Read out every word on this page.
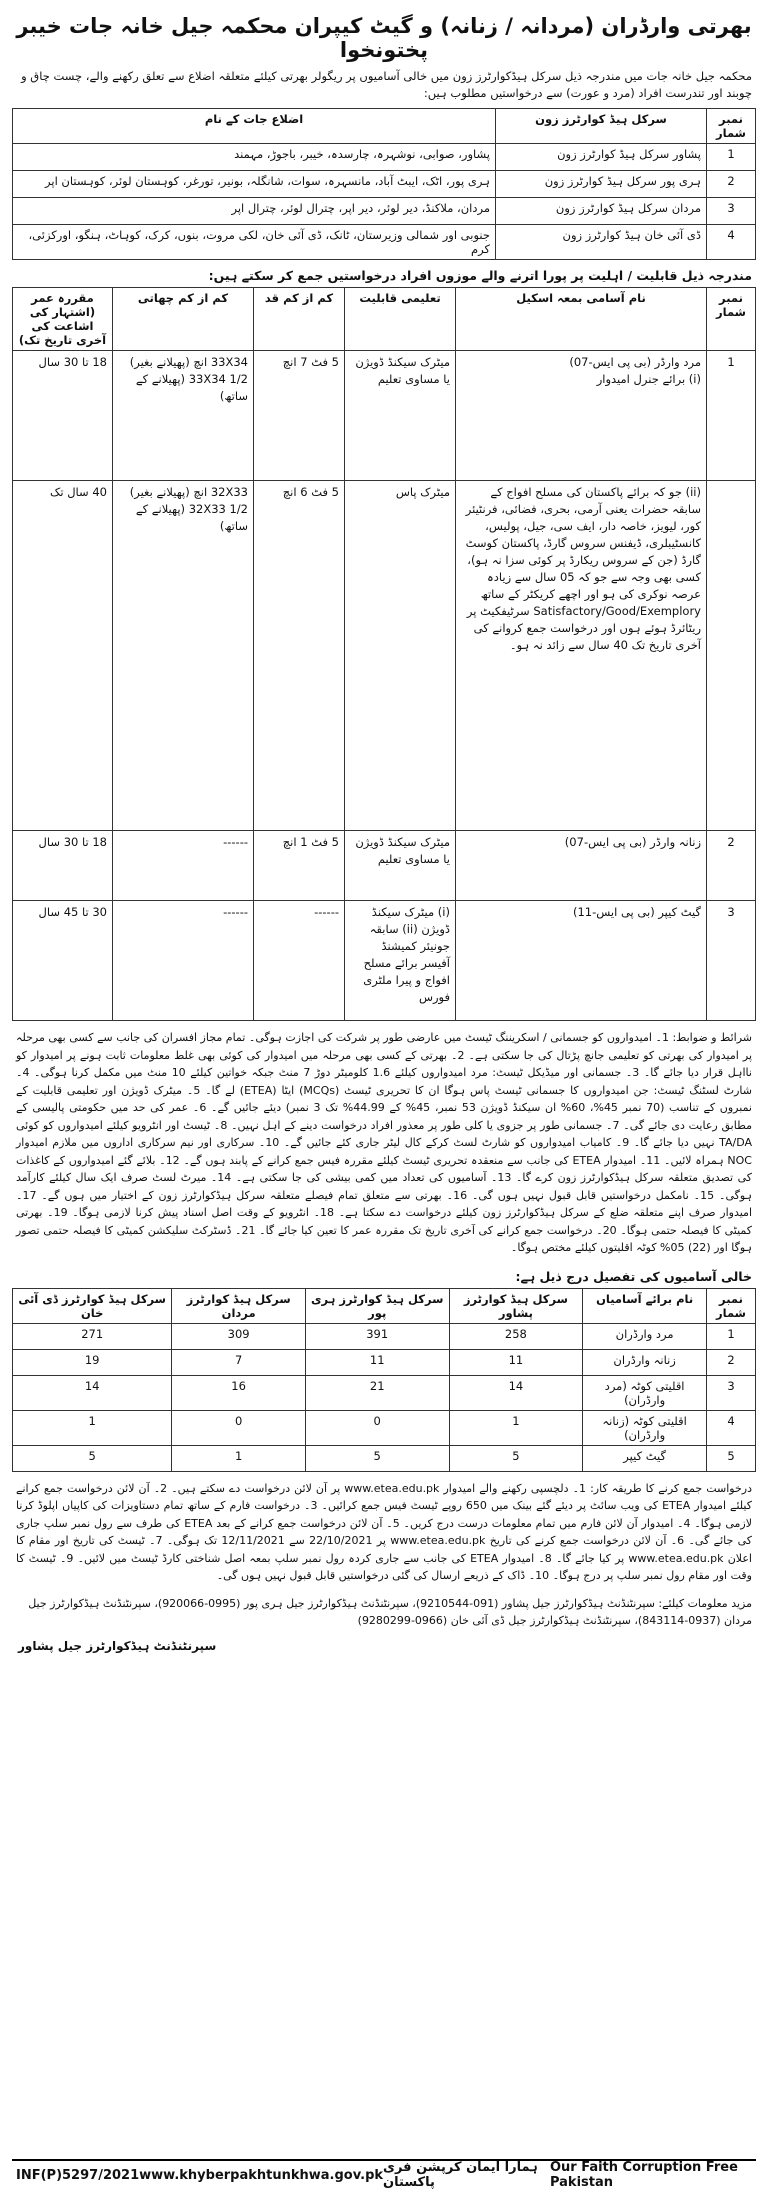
بھرتی وارڈران (مردانہ / زنانہ) و گیٹ کیپران محکمہ جیل خانہ جات خیبر پختونخوا
محکمہ جیل خانہ جات میں مندرجہ ذیل سرکل ہیڈکوارٹرز زون میں خالی آسامیوں پر ریگولر بھرتی کیلئے متعلقہ اضلاع سے تعلق رکھنے والے، چست چاق و چوبند اور تندرست افراد (مرد و عورت) سے درخواستیں مطلوب ہیں:
نمبر شمار	سرکل ہیڈ کوارٹرز زون	اضلاع جات کے نام
1	پشاور سرکل ہیڈ کوارٹرز زون	پشاور، صوابی، نوشہرہ، چارسدہ، خیبر، باجوڑ، مہمند
2	ہری پور سرکل ہیڈ کوارٹرز زون	ہری پور، اٹک، ایبٹ آباد، مانسہرہ، سوات، شانگلہ، بونیر، تورغر، کوہستان لوئر، کوہستان اپر
3	مردان سرکل ہیڈ کوارٹرز زون	مردان، ملاکنڈ، دیر لوئر، دیر اپر، چترال لوئر، چترال اپر
4	ڈی آئی خان ہیڈ کوارٹرز زون	جنوبی اور شمالی وزیرستان، ٹانک، ڈی آئی خان، لکی مروت، بنوں، کرک، کوہاٹ، ہنگو، اورکزئی، کرم
مندرجہ ذیل قابلیت / اہلیت پر پورا اترنے والے موزوں افراد درخواستیں جمع کر سکتے ہیں:
نمبر شمار	نام آسامی بمعہ اسکیل	تعلیمی قابلیت	کم از کم قد	کم از کم چھاتی	مقررہ عمر (اشتہار کی اشاعت کی آخری تاریخ تک)
1	مرد وارڈر (بی پی ایس-07)
(i) برائے جنرل امیدوار	میٹرک سیکنڈ ڈویژن یا مساوی تعلیم	5 فٹ 7 انچ	33X34 انچ (پھیلانے بغیر) 33X34 1/2 (پھیلانے کے ساتھ)	18 تا 30 سال
	(ii) جو کہ برائے پاکستان کی مسلح افواج کے سابقہ حضرات یعنی آرمی، بحری، فضائی، فرنٹیئر کور، لیویز، خاصہ دار، ایف سی، جیل، پولیس، کانسٹیبلری، ڈیفنس سروس گارڈ، پاکستان کوسٹ گارڈ (جن کے سروس ریکارڈ پر کوئی سزا نہ ہو)، کسی بھی وجہ سے جو کہ 05 سال سے زیادہ عرصہ نوکری کی ہو اور اچھے کریکٹر کے ساتھ Satisfactory/Good/Exemplory سرٹیفکیٹ پر ریٹائرڈ ہوئے ہوں اور درخواست جمع کروانے کی آخری تاریخ تک 40 سال سے زائد نہ ہو۔	میٹرک پاس	5 فٹ 6 انچ	32X33 انچ (پھیلانے بغیر) 32X33 1/2 (پھیلانے کے ساتھ)	40 سال تک
2	زنانہ وارڈر (بی پی ایس-07)	میٹرک سیکنڈ ڈویژن یا مساوی تعلیم	5 فٹ 1 انچ	------	18 تا 30 سال
3	گیٹ کیپر (بی پی ایس-11)	(i) میٹرک سیکنڈ ڈویژن (ii) سابقہ جونیئر کمیشنڈ آفیسر برائے مسلح افواج و پیرا ملٹری فورس	------	------	30 تا 45 سال
شرائط و ضوابط: 1۔ امیدواروں کو جسمانی / اسکریننگ ٹیسٹ میں عارضی طور پر شرکت کی اجازت ہوگی۔ تمام مجاز افسران کی جانب سے کسی بھی مرحلہ پر امیدوار کی بھرتی کو تعلیمی جانچ پڑتال کی جا سکتی ہے۔ 2۔ بھرتی کے کسی بھی مرحلہ میں امیدوار کی کوئی بھی غلط معلومات ثابت ہونے پر امیدوار کو نااہل قرار دیا جائے گا۔ 3۔ جسمانی اور میڈیکل ٹیسٹ: مرد امیدواروں کیلئے 1.6 کلومیٹر دوڑ 7 منٹ جبکہ خواتین کیلئے 10 منٹ میں مکمل کرنا ہوگی۔ 4۔ شارٹ لسٹنگ ٹیسٹ: جن امیدواروں کا جسمانی ٹیسٹ پاس ہوگا ان کا تحریری ٹیسٹ (MCQs) ایٹا (ETEA) لے گا۔ 5۔ میٹرک ڈویژن اور تعلیمی قابلیت کے نمبروں کے تناسب (70 نمبر 45%، 60% ان سیکنڈ ڈویژن 53 نمبر، 45% کے 44.99% تک 3 نمبر) دیئے جائیں گے۔ 6۔ عمر کی حد میں حکومتی پالیسی کے مطابق رعایت دی جائے گی۔ 7۔ جسمانی طور پر جزوی یا کلی طور پر معذور افراد درخواست دینے کے اہل نہیں۔ 8۔ ٹیسٹ اور انٹرویو کیلئے امیدواروں کو کوئی TA/DA نہیں دیا جائے گا۔ 9۔ کامیاب امیدواروں کو شارٹ لسٹ کرکے کال لیٹر جاری کئے جائیں گے۔ 10۔ سرکاری اور نیم سرکاری اداروں میں ملازم امیدوار NOC ہمراہ لائیں۔ 11۔ امیدوار ETEA کی جانب سے منعقدہ تحریری ٹیسٹ کیلئے مقررہ فیس جمع کرانے کے پابند ہوں گے۔ 12۔ بلائے گئے امیدواروں کے کاغذات کی تصدیق متعلقہ سرکل ہیڈکوارٹرز زون کرے گا۔ 13۔ آسامیوں کی تعداد میں کمی بیشی کی جا سکتی ہے۔ 14۔ میرٹ لسٹ صرف ایک سال کیلئے کارآمد ہوگی۔ 15۔ نامکمل درخواستیں قابل قبول نہیں ہوں گی۔ 16۔ بھرتی سے متعلق تمام فیصلے متعلقہ سرکل ہیڈکوارٹرز زون کے اختیار میں ہوں گے۔ 17۔ امیدوار صرف اپنے متعلقہ ضلع کے سرکل ہیڈکوارٹرز زون کیلئے درخواست دے سکتا ہے۔ 18۔ انٹرویو کے وقت اصل اسناد پیش کرنا لازمی ہوگا۔ 19۔ بھرتی کمیٹی کا فیصلہ حتمی ہوگا۔ 20۔ درخواست جمع کرانے کی آخری تاریخ تک مقررہ عمر کا تعین کیا جائے گا۔ 21۔ ڈسٹرکٹ سلیکشن کمیٹی کا فیصلہ حتمی تصور ہوگا اور (22) 05% کوٹہ اقلیتوں کیلئے مختص ہوگا۔
خالی آسامیوں کی تفصیل درج ذیل ہے:
نمبر شمار	نام برائے آسامیاں	سرکل ہیڈ کوارٹرز پشاور	سرکل ہیڈ کوارٹرز ہری پور	سرکل ہیڈ کوارٹرز مردان	سرکل ہیڈ کوارٹرز ڈی آئی خان
1	مرد وارڈران	258	391	309	271
2	زنانہ وارڈران	11	11	7	19
3	اقلیتی کوٹہ (مرد وارڈران)	14	21	16	14
4	اقلیتی کوٹہ (زنانہ وارڈران)	1	0	0	1
5	گیٹ کیپر	5	5	1	5
درخواست جمع کرنے کا طریقہ کار: 1۔ دلچسپی رکھنے والے امیدوار www.etea.edu.pk پر آن لائن درخواست دے سکتے ہیں۔ 2۔ آن لائن درخواست جمع کرانے کیلئے امیدوار ETEA کی ویب سائٹ پر دیئے گئے بینک میں 650 روپے ٹیسٹ فیس جمع کرائیں۔ 3۔ درخواست فارم کے ساتھ تمام دستاویزات کی کاپیاں اپلوڈ کرنا لازمی ہوگا۔ 4۔ امیدوار آن لائن فارم میں تمام معلومات درست درج کریں۔ 5۔ آن لائن درخواست جمع کرانے کے بعد ETEA کی طرف سے رول نمبر سلپ جاری کی جائے گی۔ 6۔ آن لائن درخواست جمع کرنے کی تاریخ www.etea.edu.pk پر 22/10/2021 سے 12/11/2021 تک ہوگی۔ 7۔ ٹیسٹ کی تاریخ اور مقام کا اعلان www.etea.edu.pk پر کیا جائے گا۔ 8۔ امیدوار ETEA کی جانب سے جاری کردہ رول نمبر سلپ بمعہ اصل شناختی کارڈ ٹیسٹ میں لائیں۔ 9۔ ٹیسٹ کا وقت اور مقام رول نمبر سلپ پر درج ہوگا۔ 10۔ ڈاک کے ذریعے ارسال کی گئی درخواستیں قابل قبول نہیں ہوں گی۔
مزید معلومات کیلئے: سپرنٹنڈنٹ ہیڈکوارٹرز جیل پشاور (091-9210544)، سپرنٹنڈنٹ ہیڈکوارٹرز جیل ہری پور (0995-920066)، سپرنٹنڈنٹ ہیڈکوارٹرز جیل مردان (0937-843114)، سپرنٹنڈنٹ ہیڈکوارٹرز جیل ڈی آئی خان (0966-9280299)
سپرنٹنڈنٹ ہیڈکوارٹرز جیل پشاور
INF(P)5297/2021 www.khyberpakhtunkhwa.gov.pk ہمارا ایمان کرپشن فری پاکستان
Our Faith Corruption Free Pakistan
